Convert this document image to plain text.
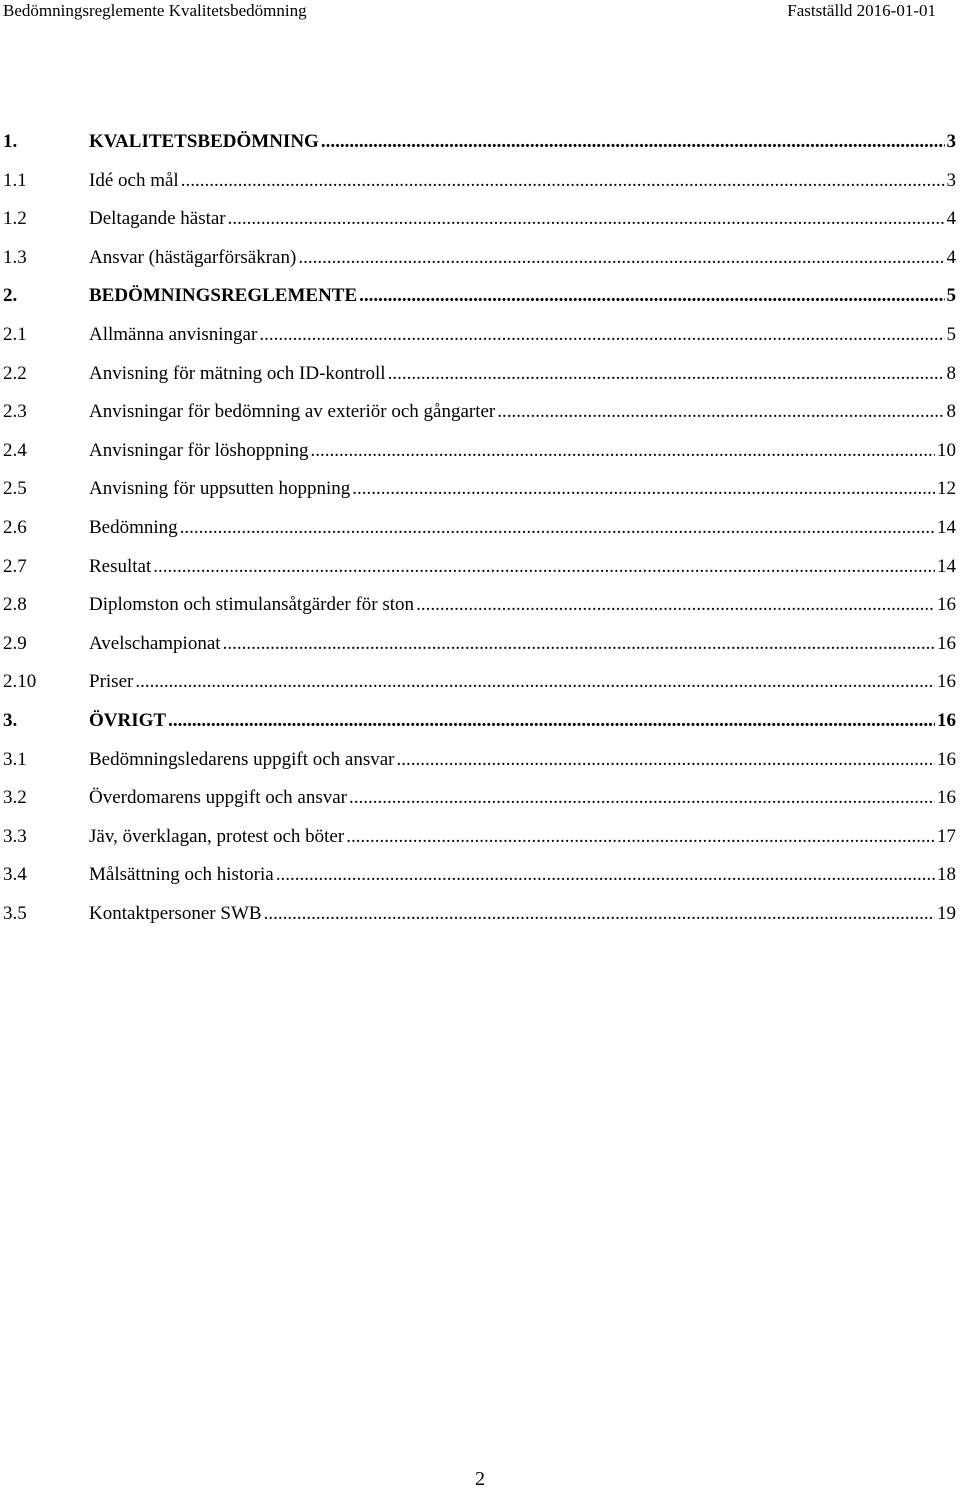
Bedömningsreglemente Kvalitetsbedömning	Fastställd 2016-01-01
1.	KVALITETSBEDÖMNING .....	3
1.1	Idé och mål .....	3
1.2	Deltagande hästar .....	4
1.3	Ansvar (hästägarförsäkran) .....	4
2.	BEDÖMNINGSREGLEMENTE .....	5
2.1	Allmänna anvisningar .....	5
2.2	Anvisning för mätning och ID-kontroll .....	8
2.3	Anvisningar för bedömning av exteriör och gångarter .....	8
2.4	Anvisningar för löshoppning .....	10
2.5	Anvisning för uppsutten hoppning .....	12
2.6	Bedömning .....	14
2.7	Resultat .....	14
2.8	Diplomston och stimulansåtgärder för ston .....	16
2.9	Avelschampionat .....	16
2.10	Priser .....	16
3.	ÖVRIGT .....	16
3.1	Bedömningsledarens uppgift och ansvar .....	16
3.2	Överdomarens uppgift och ansvar .....	16
3.3	Jäv, överklagan, protest och böter .....	17
3.4	Målsättning och historia .....	18
3.5	Kontaktpersoner SWB .....	19
2
